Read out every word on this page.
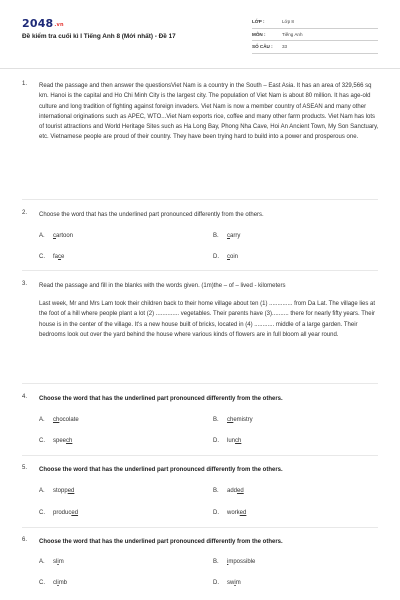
2048.vn
Đề kiểm tra cuối kì I Tiếng Anh 8 (Mới nhất) - Đề 17
LỚP :	Lớp 8
MÔN :	Tiếng Anh
SỐ CÂU :	33
1. Read the passage and then answer the questionsViet Nam is a country in the South – East Asia. It has an area of 329,566 sq km. Hanoi is the capital and Ho Chi Minh City is the largest city. The population of Viet Nam is about 80 million. It has age-old culture and long tradition of fighting against foreign invaders. Viet Nam is now a member country of ASEAN and many other international originations such as APEC, WTO...Viet Nam exports rice, coffee and many other farm products. Viet Nam has lots of tourist attractions and World Heritage Sites such as Ha Long Bay, Phong Nha Cave, Hoi An Ancient Town, My Son Sanctuary, etc. Vietnamese people are proud of their country. They have been trying hard to build into a power and prosperous one.
2. Choose the word that has the underlined part pronounced differently from the others.
A. cartoon	B. carry
C. face	D. coin
3. Read the passage and fill in the blanks with the words given. (1m)the – of – lived - kilometers
Last week, Mr and Mrs Lam took their children back to their home village about ten (1) .............. from Da Lat. The village lies at the foot of a hill where people plant a lot (2) .............. vegetables. Their parents have (3).......... there for nearly fifty years. Their house is in the center of the village. It's a new house built of bricks, located in (4) ............ middle of a large garden. Their bedrooms look out over the yard behind the house where various kinds of flowers are in full bloom all year round.
4. Choose the word that has the underlined part pronounced differently from the others.
A. chocolate	B. chemistry
C. speech	D. lunch
5. Choose the word that has the underlined part pronounced differently from the others.
A. stopped	B. added
C. produced	D. worked
6. Choose the word that has the underlined part pronounced differently from the others.
A. slim	B. impossible
C. climb	D. swim
